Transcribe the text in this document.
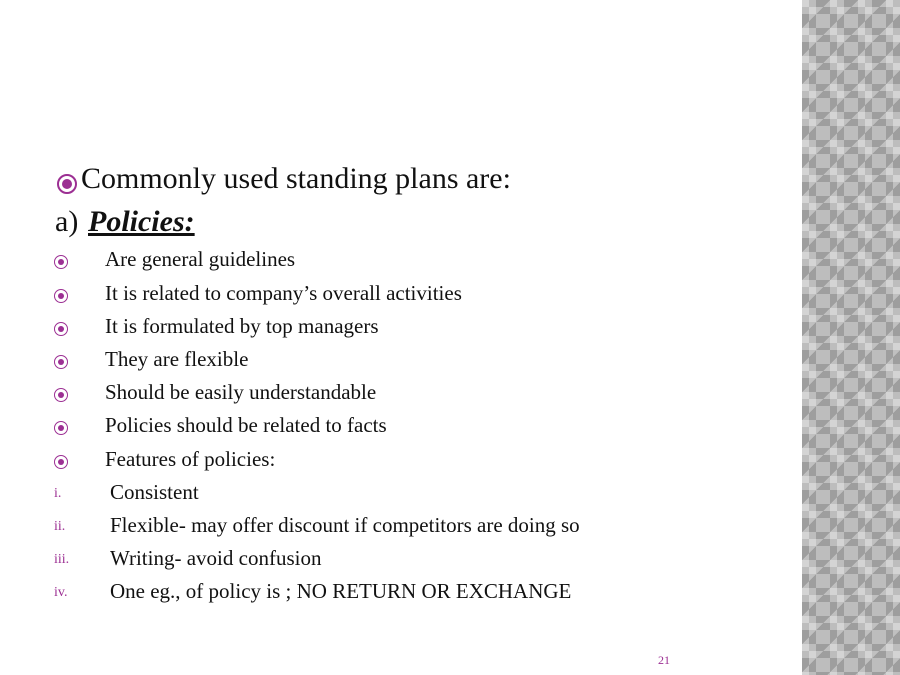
Commonly used standing plans are:
a) Policies:
Are general guidelines
It is related to company’s overall activities
It is formulated by top managers
They are flexible
Should be easily understandable
Policies should be related to facts
Features of policies:
i. Consistent
ii. Flexible- may offer discount if competitors are doing so
iii. Writing- avoid confusion
iv. One eg., of policy is ; NO RETURN OR EXCHANGE
21
